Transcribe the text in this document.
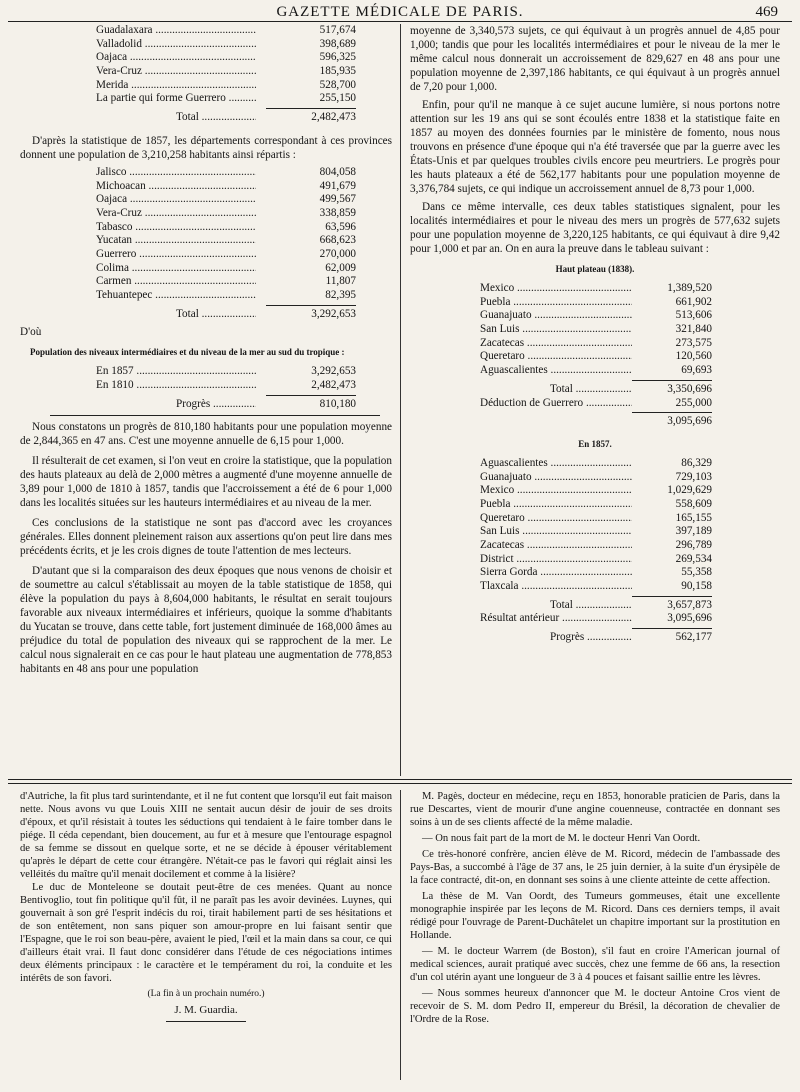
GAZETTE MÉDICALE DE PARIS.	469
Guadalaxara .....	517,674
Valladolid .....	398,689
Oajaca .....	596,325
Vera-Cruz .....	185,935
Merida .....	528,700
La partie qui forme Guerrero .....	255,150
Total .....	2,482,473

D'après la statistique de 1857, les départements correspondant à ces provinces donnent une population de 3,210,258 habitants ainsi répartis :

Jalisco .....	804,058
Michoacan .....	491,679
Oajaca .....	499,567
Vera-Cruz .....	338,859
Tabasco .....	63,596
Yucatan .....	668,623
Guerrero .....	270,000
Colima .....	62,009
Carmen .....	11,807
Tehuantepec .....	82,395
Total .....	3,292,653

D'où

Population des niveaux intermédiaires et du niveau de la mer au sud du tropique :
En 1857 .....	3,292,653
En 1810 .....	2,482,473
Progrès .....	810,180

Nous constatons un progrès de 810,180 habitants pour une population moyenne de 2,844,365 en 47 ans. C'est une moyenne annuelle de 6,15 pour 1,000.

Il résulterait de cet examen, si l'on veut en croire la statistique, que la population des hauts plateaux au delà de 2,000 mètres a augmenté d'une moyenne annuelle de 3,89 pour 1,000 de 1810 à 1857, tandis que l'accroissement a été de 6 pour 1,000 dans les localités situées sur les hauteurs intermédiaires et au niveau de la mer.

Ces conclusions de la statistique ne sont pas d'accord avec les croyances générales. Elles donnent pleinement raison aux assertions qu'on peut lire dans mes précédents écrits, et je les crois dignes de toute l'attention de mes lecteurs.

D'autant que si la comparaison des deux époques que nous venons de choisir et de soumettre au calcul s'établissait au moyen de la table statistique de 1858, qui élève la population du pays à 8,604,000 habitants, le résultat en serait toujours favorable aux niveaux intermédiaires et inférieurs, quoique la somme d'habitants du Yucatan se trouve, dans cette table, fort justement diminuée de 168,000 âmes au préjudice du total de population des niveaux qui se rapprochent de la mer. Le calcul nous signalerait en ce cas pour le haut plateau une augmentation de 778,853 habitants en 48 ans pour une population

moyenne de 3,340,573 sujets, ce qui équivaut à un progrès annuel de 4,85 pour 1,000; tandis que pour les localités intermédiaires et pour le niveau de la mer le même calcul nous donnerait un accroissement de 829,627 en 48 ans pour une population moyenne de 2,397,186 habitants, ce qui équivaut à un progrès annuel de 7,20 pour 1,000.

Enfin, pour qu'il ne manque à ce sujet aucune lumière, si nous portons notre attention sur les 19 ans qui se sont écoulés entre 1838 et la statistique faite en 1857 au moyen des données fournies par le ministère de fomento, nous nous trouvons en présence d'une époque qui n'a été traversée que par la guerre avec les États-Unis et par quelques troubles civils encore peu meurtriers. Le progrès pour les hauts plateaux a été de 562,177 habitants pour une population moyenne de 3,376,784 sujets, ce qui indique un accroissement annuel de 8,73 pour 1,000.

Dans ce même intervalle, ces deux tables statistiques signalent, pour les localités intermédiaires et pour le niveau des mers un progrès de 577,632 sujets pour une population moyenne de 3,220,125 habitants, ce qui équivaut à dire 9,42 pour 1,000 et par an. On en aura la preuve dans le tableau suivant :

Haut plateau (1838).
Mexico .....	1,389,520
Puebla .....	661,902
Guanajuato .....	513,606
San Luis .....	321,840
Zacatecas .....	273,575
Queretaro .....	120,560
Aguascalientes .....	69,693
Total .....	3,350,696
Déduction de Guerrero .....	255,000
3,095,696
En 1857.
Aguascalientes .....	86,329
Guanajuato .....	729,103
Mexico .....	1,029,629
Puebla .....	558,609
Queretaro .....	165,155
San Luis .....	397,189
Zacatecas .....	296,789
District .....	269,534
Sierra Gorda .....	55,358
Tlaxcala .....	90,158
Total .....	3,657,873
Résultat antérieur .....	3,095,696
Progrès .....	562,177

d'Autriche, la fit plus tard surintendante, et il ne fut content que lorsqu'il eut fait maison nette. Nous avons vu que Louis XIII ne sentait aucun désir de jouir de ses droits d'époux, et qu'il résistait à toutes les séductions qui tendaient à le faire tomber dans le piége. Il céda cependant, bien doucement, au fur et à mesure que l'entourage espagnol de sa femme se dissout en quelque sorte, et ne se décide à épouser véritablement qu'après le départ de cette cour étrangère. N'était-ce pas le favori qui réglait ainsi les velléités du maître qu'il menait docilement et comme à la lisière?

Le duc de Monteleone se doutait peut-être de ces menées. Quant au nonce Bentivoglio, tout fin politique qu'il fût, il ne paraît pas les avoir devinées. Luynes, qui gouvernait à son gré l'esprit indécis du roi, tirait habilement parti de ses hésitations et de son entêtement, non sans piquer son amour-propre en lui faisant sentir que l'Espagne, que le roi son beau-père, avaient le pied, l'œil et la main dans sa cour, ce qui d'ailleurs était vrai. Il faut donc considérer dans l'étude de ces négociations intimes deux éléments principaux : le caractère et le tempérament du roi, la conduite et les intérêts de son favori.

(La fin à un prochain numéro.)
J. M. Guardia.

M. Pagès, docteur en médecine, reçu en 1853, honorable praticien de Paris, dans la rue Descartes, vient de mourir d'une angine couenneuse, contractée en donnant ses soins à un de ses clients affecté de la même maladie.

— On nous fait part de la mort de M. le docteur Henri Van Oordt.

Ce très-honoré confrère, ancien élève de M. Ricord, médecin de l'ambassade des Pays-Bas, a succombé à l'âge de 37 ans, le 25 juin dernier, à la suite d'un érysipèle de la face contracté, dit-on, en donnant ses soins à une cliente atteinte de cette affection.

La thèse de M. Van Oordt, des Tumeurs gommeuses, était une excellente monographie inspirée par les leçons de M. Ricord. Dans ces derniers temps, il avait rédigé pour l'ouvrage de Parent-Duchâtelet un chapitre important sur la prostitution en Hollande.

— M. le docteur Warrem (de Boston), s'il faut en croire l'American journal of medical sciences, aurait pratiqué avec succès, chez une femme de 66 ans, la resection d'un col utérin ayant une longueur de 3 à 4 pouces et faisant saillie entre les lèvres.

— Nous sommes heureux d'annoncer que M. le docteur Antoine Cros vient de recevoir de S. M. dom Pedro II, empereur du Brésil, la décoration de chevalier de l'Ordre de la Rose.
